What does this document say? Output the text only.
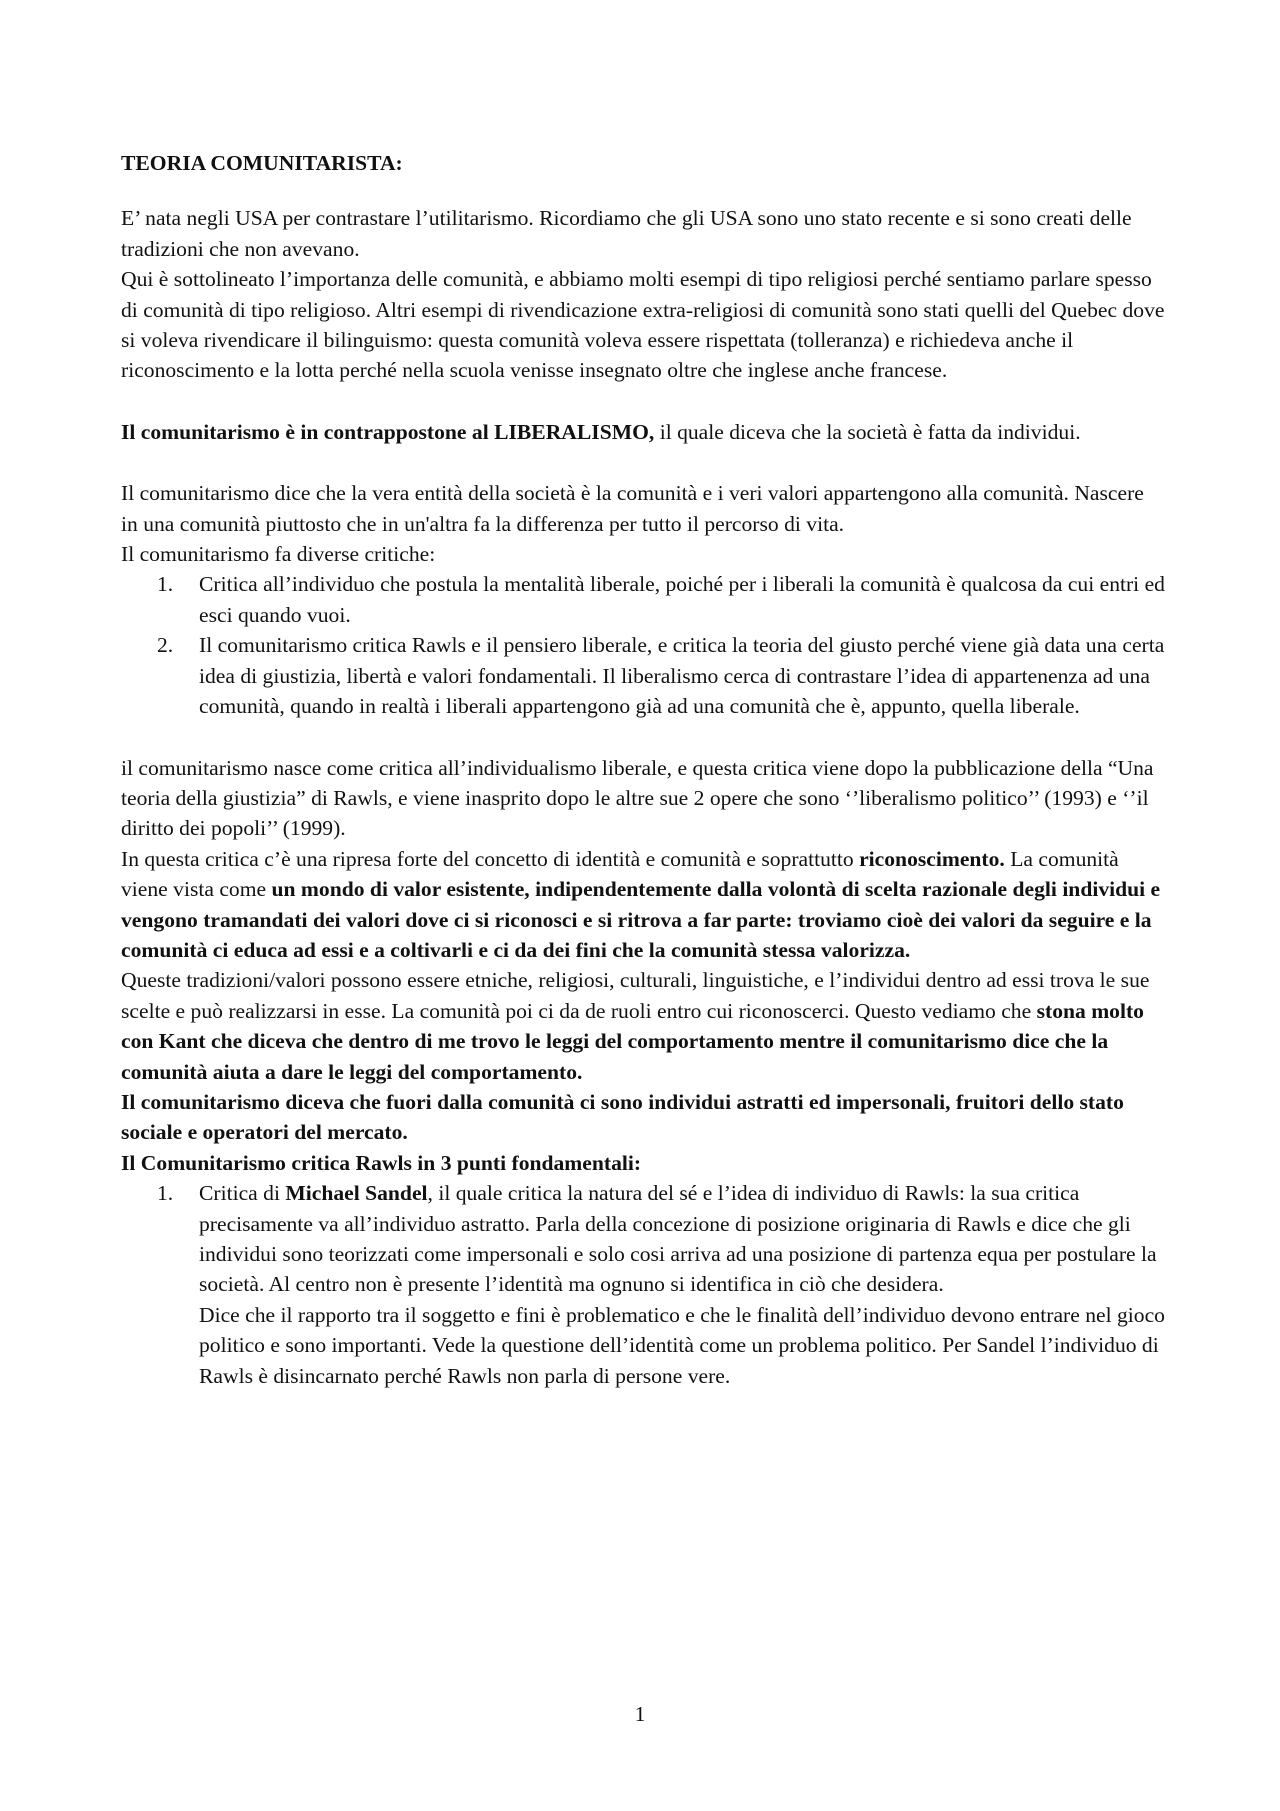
TEORIA COMUNITARISTA:

E’ nata negli USA per contrastare l’utilitarismo. Ricordiamo che gli USA sono uno stato recente e si sono creati delle tradizioni che non avevano.

Qui è sottolineato l’importanza delle comunità, e abbiamo molti esempi di tipo religiosi perché sentiamo parlare spesso di comunità di tipo religioso. Altri esempi di rivendicazione extra-religiosi di comunità sono stati quelli del Quebec dove si voleva rivendicare il bilinguismo: questa comunità voleva essere rispettata (tolleranza) e richiedeva anche il riconoscimento e la lotta perché nella scuola venisse insegnato oltre che inglese anche francese.

Il comunitarismo è in contrappostone al LIBERALISMO, il quale diceva che la società è fatta da individui.

Il comunitarismo dice che la vera entità della società è la comunità e i veri valori appartengono alla comunità. Nascere in una comunità piuttosto che in un'altra fa la differenza per tutto il percorso di vita.

Il comunitarismo fa diverse critiche:

1. Critica all’individuo che postula la mentalità liberale, poiché per i liberali la comunità è qualcosa da cui entri ed esci quando vuoi.
2. Il comunitarismo critica Rawls e il pensiero liberale, e critica la teoria del giusto perché viene già data una certa idea di giustizia, libertà e valori fondamentali. Il liberalismo cerca di contrastare l’idea di appartenenza ad una comunità, quando in realtà i liberali appartengono già ad una comunità che è, appunto, quella liberale.

il comunitarismo nasce come critica all’individualismo liberale, e questa critica viene dopo la pubblicazione della “Una teoria della giustizia” di Rawls, e viene inasprito dopo le altre sue 2 opere che sono ‘’liberalismo politico’’ (1993) e ‘’il diritto dei popoli’’ (1999).

In questa critica c’è una ripresa forte del concetto di identità e comunità e soprattutto riconoscimento. La comunità viene vista come un mondo di valor esistente, indipendentemente dalla volontà di scelta razionale degli individui e vengono tramandati dei valori dove ci si riconosci e si ritrova a far parte: troviamo cioè dei valori da seguire e la comunità ci educa ad essi e a coltivarli e ci da dei fini che la comunità stessa valorizza.

Queste tradizioni/valori possono essere etniche, religiosi, culturali, linguistiche, e l’individui dentro ad essi trova le sue scelte e può realizzarsi in esse. La comunità poi ci da de ruoli entro cui riconoscerci. Questo vediamo che stona molto con Kant che diceva che dentro di me trovo le leggi del comportamento mentre il comunitarismo dice che la comunità aiuta a dare le leggi del comportamento.

Il comunitarismo diceva che fuori dalla comunità ci sono individui astratti ed impersonali, fruitori dello stato sociale e operatori del mercato.

Il Comunitarismo critica Rawls in 3 punti fondamentali:

1. Critica di Michael Sandel, il quale critica la natura del sé e l’idea di individuo di Rawls: la sua critica precisamente va all’individuo astratto. Parla della concezione di posizione originaria di Rawls e dice che gli individui sono teorizzati come impersonali e solo cosi arriva ad una posizione di partenza equa per postulare la società. Al centro non è presente l’identità ma ognuno si identifica in ciò che desidera.

Dice che il rapporto tra il soggetto e fini è problematico e che le finalità dell’individuo devono entrare nel gioco politico e sono importanti. Vede la questione dell’identità come un problema politico. Per Sandel l’individuo di Rawls è disincarnato perché Rawls non parla di persone vere.

1
